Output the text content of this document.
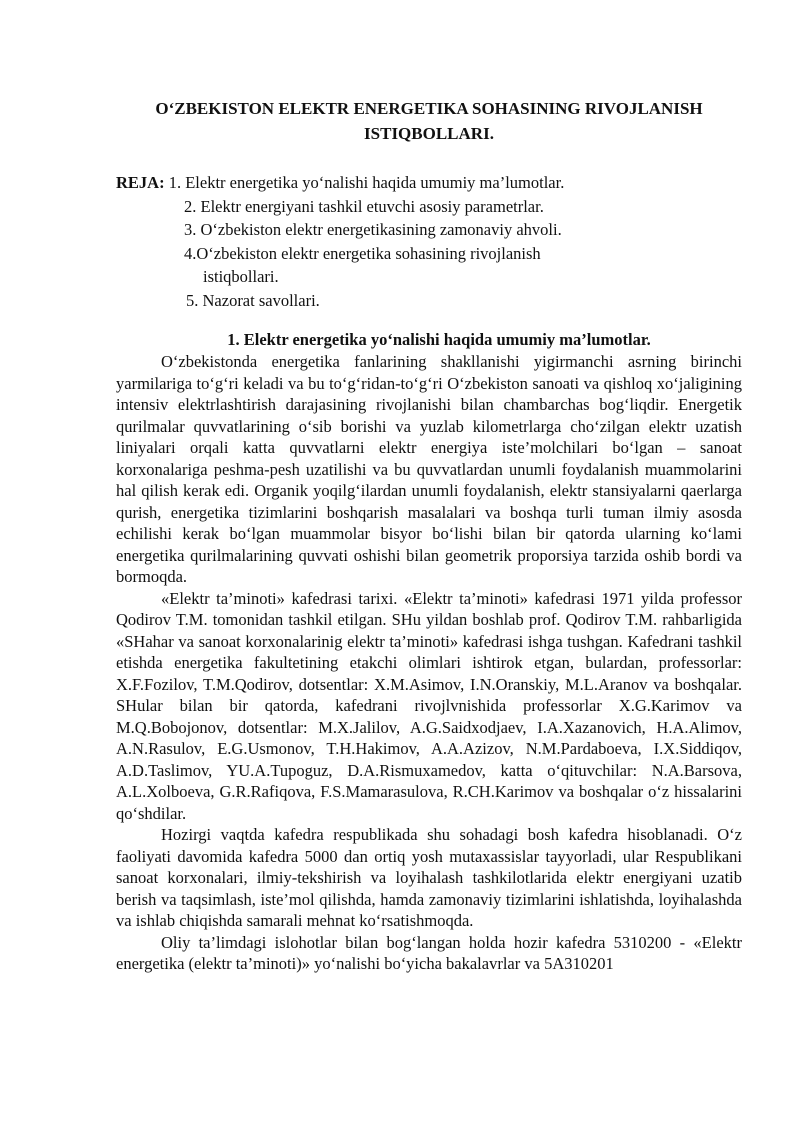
O‘ZBEKISTON ELEKTR ENERGETIKA SOHASINING RIVOJLANISH
ISTIQBOLLARI.
REJA: 1. Elektr energetika yo‘nalishi haqida umumiy ma’lumotlar.
2. Elektr energiyani tashkil etuvchi asosiy parametrlar.
3. O‘zbekiston elektr energetikasining zamonaviy ahvoli.
4.O‘zbekiston elektr energetika sohasining rivojlanish
istiqbollari.
5. Nazorat savollari.
1. Elektr energetika yo‘nalishi haqida umumiy ma’lumotlar.

O‘zbekistonda energetika fanlarining shakllanishi yigirmanchi asrning birinchi yarmilariga to‘g‘ri keladi va bu to‘g‘ridan-to‘g‘ri O‘zbekiston sanoati va qishloq xo‘jaligining intensiv elektrlashtirish darajasining rivojlanishi bilan chambarchas bog‘liqdir. Energetik qurilmalar quvvatlarining o‘sib borishi va yuzlab kilometrlarga cho‘zilgan elektr uzatish liniyalari orqali katta quvvatlarni elektr energiya iste’molchilari bo‘lgan – sanoat korxonalariga peshma-pesh uzatilishi va bu quvvatlardan unumli foydalanish muammolarini hal qilish kerak edi. Organik yoqilg‘ilardan unumli foydalanish, elektr stansiyalarni qaerlarga qurish, energetika tizimlarini boshqarish masalalari va boshqa turli tuman ilmiy asosda echilishi kerak bo‘lgan muammolar bisyor bo‘lishi bilan bir qatorda ularning ko‘lami energetika qurilmalarining quvvati oshishi bilan geometrik proporsiya tarzida oshib bordi va bormoqda.

«Elektr ta’minoti» kafedrasi tarixi. «Elektr ta’minoti» kafedrasi 1971 yilda professor Qodirov T.M. tomonidan tashkil etilgan. SHu yildan boshlab prof. Qodirov T.M. rahbarligida «SHahar va sanoat korxonalarinig elektr ta’minoti» kafedrasi ishga tushgan. Kafedrani tashkil etishda energetika fakultetining etakchi olimlari ishtirok etgan, bulardan, professorlar: X.F.Fozilov, T.M.Qodirov, dotsentlar: X.M.Asimov, I.N.Oranskiy, M.L.Aranov va boshqalar. SHular bilan bir qatorda, kafedrani rivojlvnishida professorlar X.G.Karimov va M.Q.Bobojonov, dotsentlar: M.X.Jalilov, A.G.Saidxodjaev, I.A.Xazanovich, H.A.Alimov, A.N.Rasulov, E.G.Usmonov, T.H.Hakimov, A.A.Azizov, N.M.Pardaboeva, I.X.Siddiqov, A.D.Taslimov, YU.A.Tupoguz, D.A.Rismuxamedov, katta o‘qituvchilar: N.A.Barsova, A.L.Xolboeva, G.R.Rafiqova, F.S.Mamarasulova, R.CH.Karimov va boshqalar o‘z hissalarini qo‘shdilar.

Hozirgi vaqtda kafedra respublikada shu sohadagi bosh kafedra hisoblanadi. O‘z faoliyati davomida kafedra 5000 dan ortiq yosh mutaxassislar tayyorladi, ular Respublikani sanoat korxonalari, ilmiy-tekshirish va loyihalash tashkilotlarida elektr energiyani uzatib berish va taqsimlash, iste’mol qilishda, hamda zamonaviy tizimlarini ishlatishda, loyihalashda va ishlab chiqishda samarali mehnat ko‘rsatishmoqda.

Oliy ta’limdagi islohotlar bilan bog‘langan holda hozir kafedra 5310200 - «Elektr energetika (elektr ta’minoti)» yo‘nalishi bo‘yicha bakalavrlar va 5A310201
